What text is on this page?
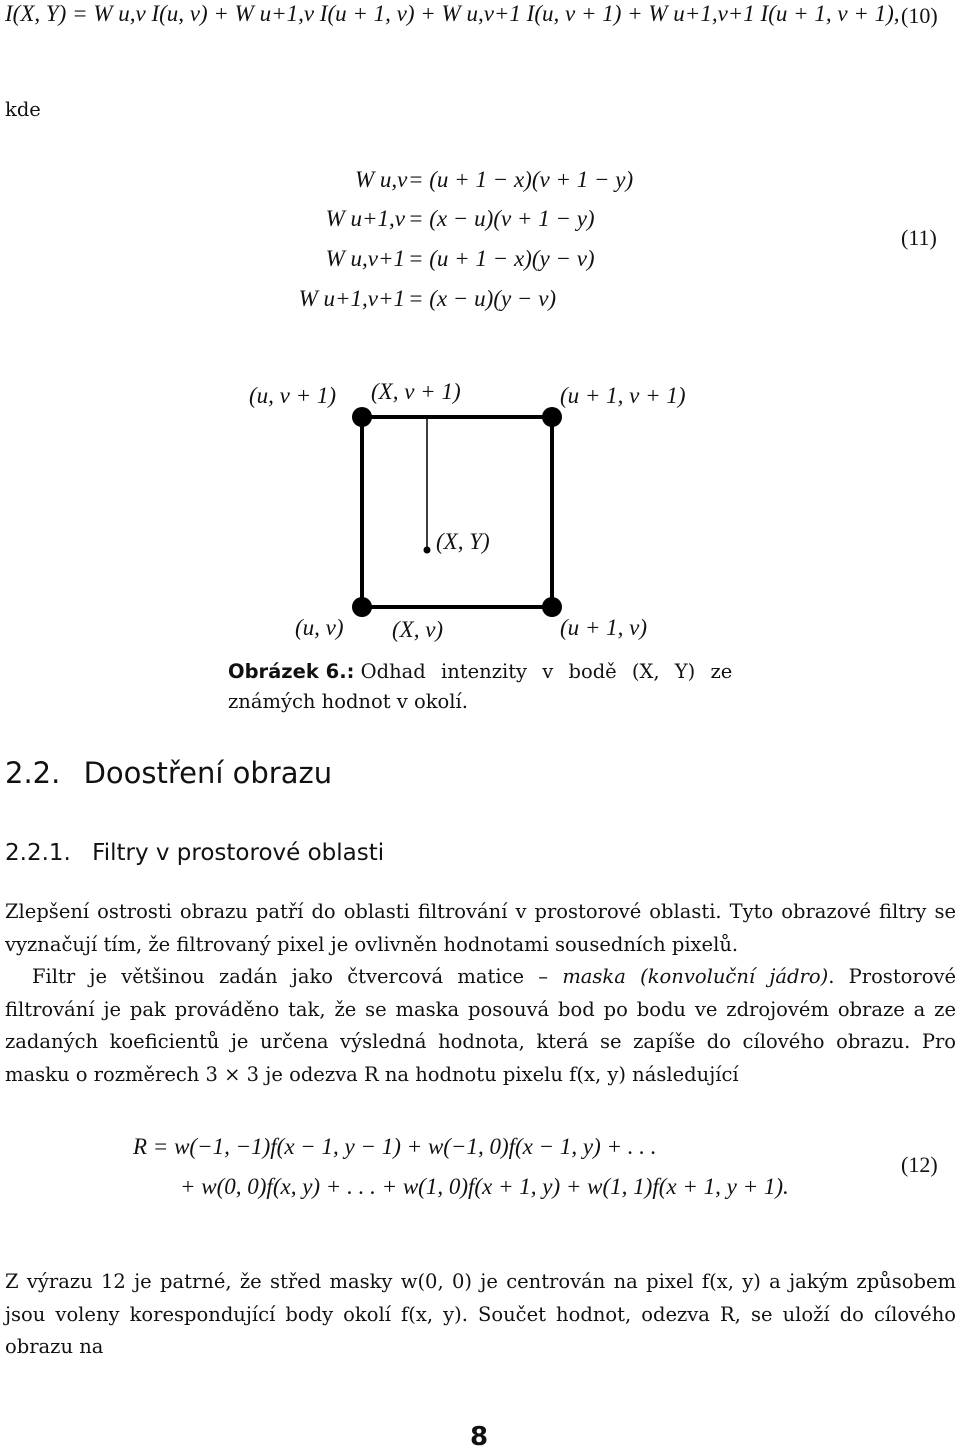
I(X, Y) = W u,v I(u, v) + W u+1,v I(u + 1, v) + W u,v+1 I(u, v + 1) + W u+1,v+1 I(u + 1, v + 1), (10)
kde
W u,v = (u + 1 − x)(v + 1 − y)
W u+1,v = (x − u)(v + 1 − y)
W u,v+1 = (u + 1 − x)(y − v)
W u+1,v+1 = (x − u)(y − v)
(11)
(u, v + 1) (X, v + 1)	(u + 1, v + 1)
(X, Y)
(u, v) (X, v)	(u + 1, v)
Obrázek 6.: Odhad intenzity v bodě (X, Y) ze
známých hodnot v okolí.
2.2. Doostření obrazu
2.2.1. Filtry v prostorové oblasti

Zlepšení ostrosti obrazu patří do oblasti filtrování v prostorové oblasti. Tyto obrazové filtry se vyznačují tím, že filtrovaný pixel je ovlivněn hodnotami sousedních pixelů.

Filtr je většinou zadán jako čtvercová matice – maska (konvoluční jádro). Prostorové filtrování je pak prováděno tak, že se maska posouvá bod po bodu ve zdrojovém obraze a ze zadaných koeficientů je určena výsledná hodnota, která se zapíše do cílového obrazu. Pro masku o rozměrech 3 × 3 je odezva R na hodnotu pixelu f(x, y) následující

R = w(−1, −1)f(x − 1, y − 1) + w(−1, 0)f(x − 1, y) + . . .
+ w(0, 0)f(x, y) + . . . + w(1, 0)f(x + 1, y) + w(1, 1)f(x + 1, y + 1).
(12)

Z výrazu 12 je patrné, že střed masky w(0, 0) je centrován na pixel f(x, y) a jakým způsobem jsou voleny korespondující body okolí f(x, y). Součet hodnot, odezva R, se uloží do cílového obrazu na

8
